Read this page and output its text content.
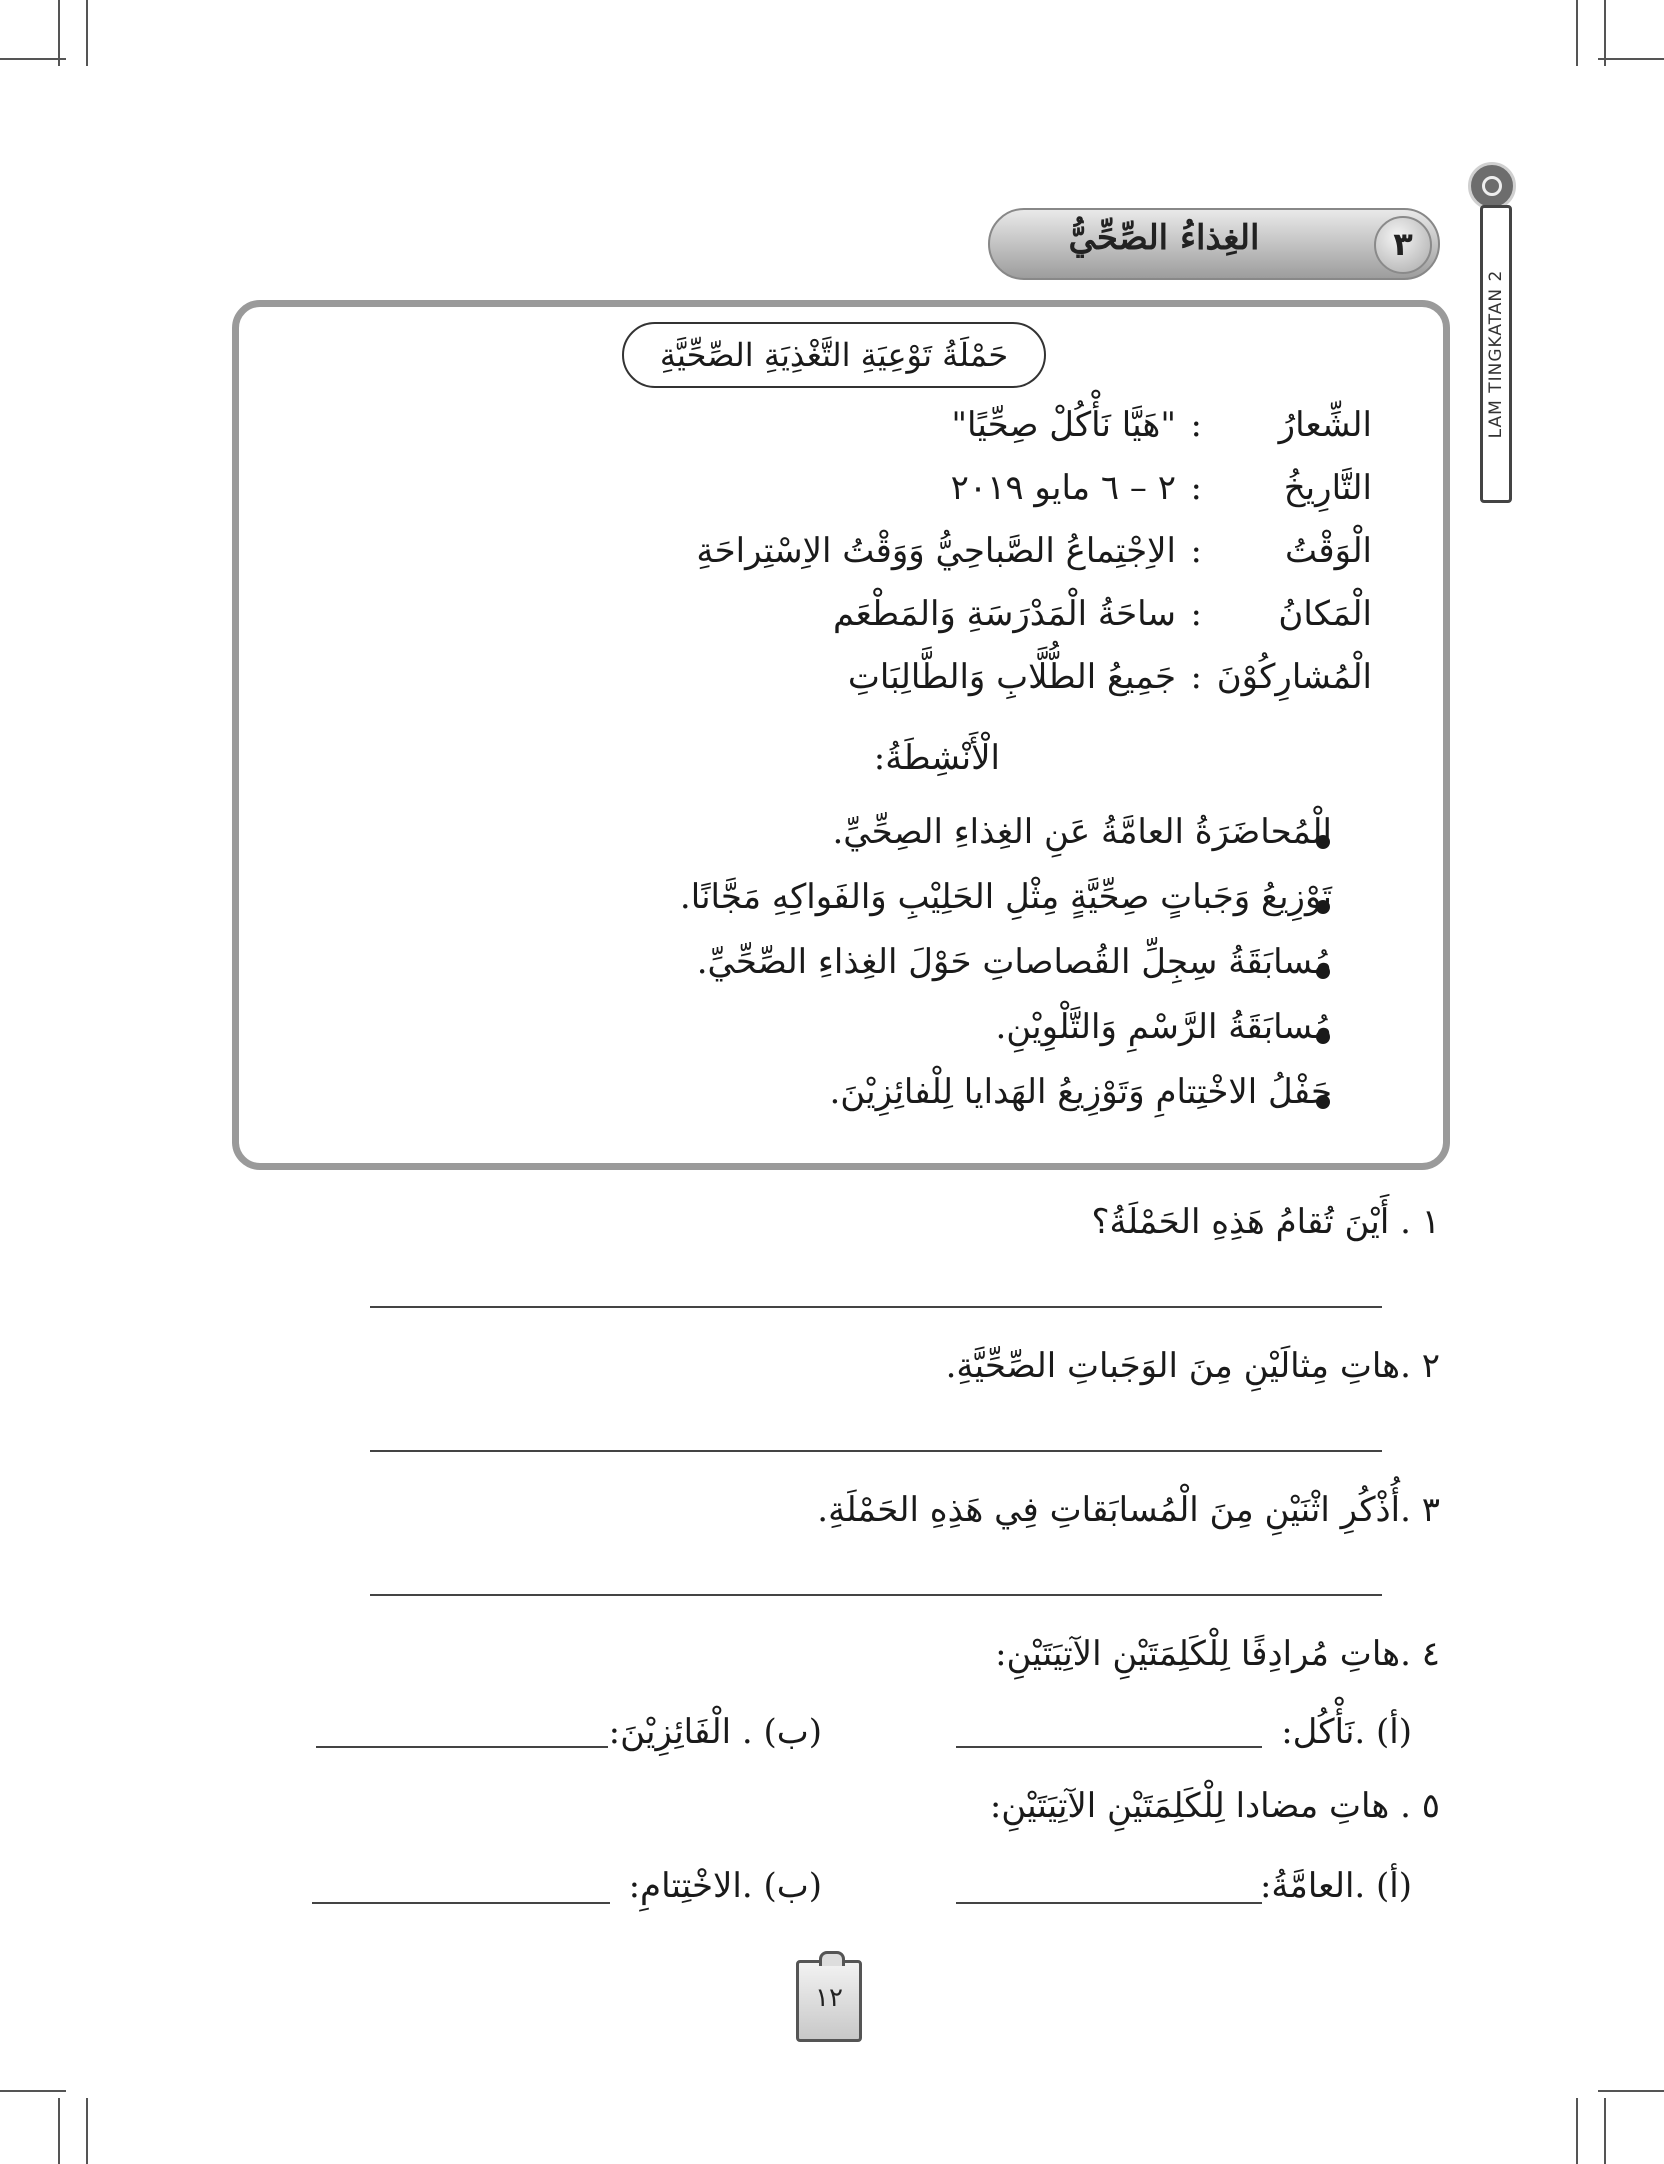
LAM TINGKATAN 2
الغِذاءُ الصِّحِّيُّ	٣
حَمْلَةُ تَوْعِيَةِ التَّغْذِيَةِ الصِّحِّيَّةِ
الشِّعارُ
:
"هَيَّا نَأْكُلْ صِحِّيًا"
التَّارِيخُ
:
٢ – ٦ مايو ٢٠١٩
الْوَقْتُ
:
الاِجْتِماعُ الصَّباحِيُّ وَوَقْتُ الاِسْتِراحَةِ
الْمَكانُ
:
ساحَةُ الْمَدْرَسَةِ وَالمَطْعَم
الْمُشارِكُوْنَ
:
جَمِيعُ الطُّلَّابِ وَالطَّالِبَاتِ
الْأَنْشِطَةُ:
الْمُحاضَرَةُ العامَّةُ عَنِ الغِذاءِ الصِحِّيِّ.
تَوْزِيعُ وَجَباتٍ صِحِّيَّةٍ مِثْلِ الحَلِيْبِ وَالفَواكِهِ مَجَّانًا.
مُسابَقَةُ سِجِلِّ القُصاصاتِ حَوْلَ الغِذاءِ الصِّحِّيِّ.
مُسابَقَةُ الرَّسْمِ وَالتَّلْوِيْنِ.
حَفْلُ الاخْتِتامِ وَتَوْزِيعُ الهَدايا لِلْفائِزِيْنَ.
١ . أَيْنَ تُقامُ هَذِهِ الحَمْلَةُ؟
٢ .هاتِ مِثالَيْنِ مِنَ الوَجَباتِ الصِّحِّيَّةِ.
٣ .أُذْكُرِ اثْنَيْنِ مِنَ الْمُسابَقاتِ فِي هَذِهِ الحَمْلَةِ.
٤ .هاتِ مُرادِفًا لِلْكَلِمَتَيْنِ الآتِيَتَيْنِ:
(أ) .نَأْكُل:
(ب) . الْفَائِزِيْنَ:
٥ . هاتِ مضادا لِلْكَلِمَتَيْنِ الآتِيَتَيْنِ:
(أ) .العامَّةُ:
(ب) .الاخْتِتامِ:
١٢
